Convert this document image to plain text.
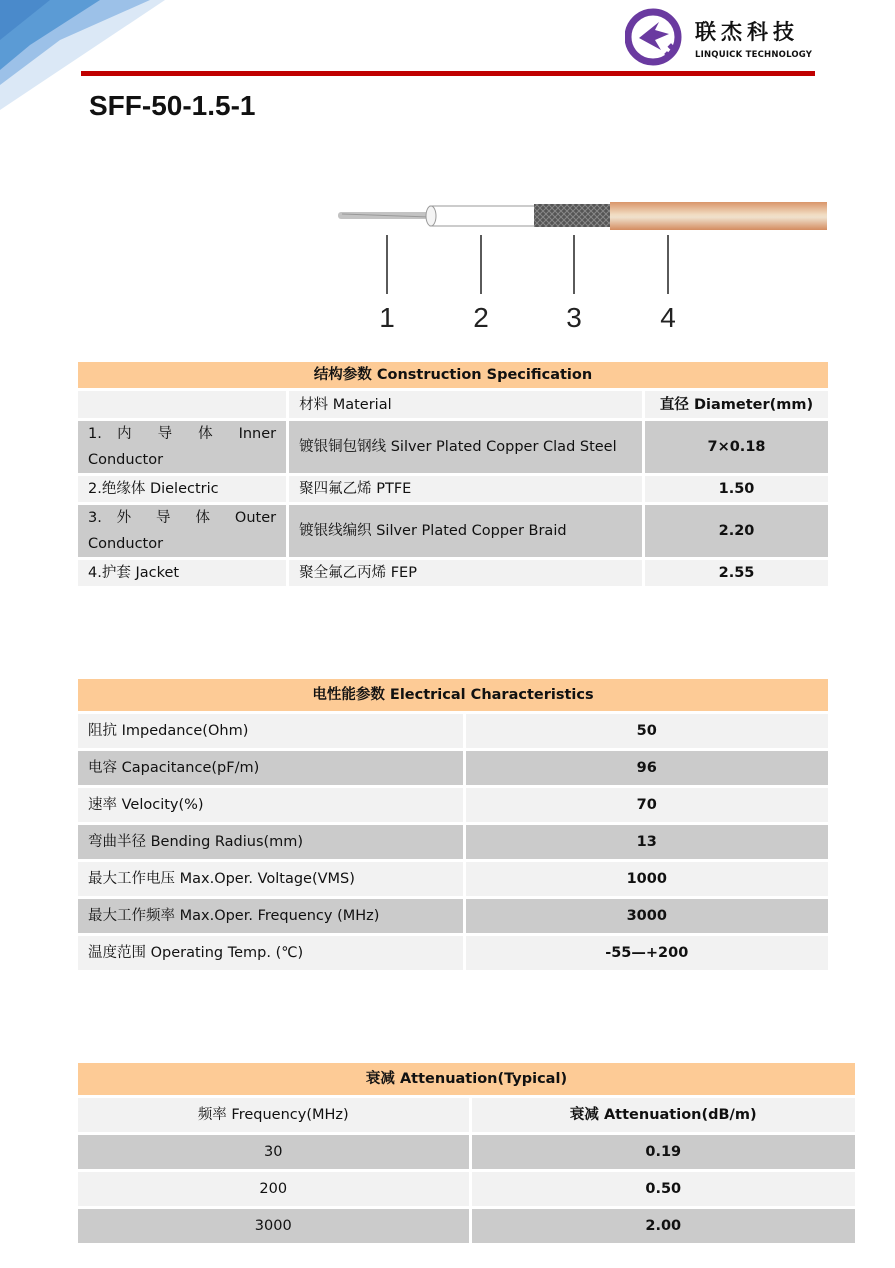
联杰科技
LINQUICK TECHNOLOGY
SFF-50-1.5-1
1	2	3	4
结构参数 Construction Specification		
	材料 Material	直径 Diameter(mm)
1. 内 导 体 Inner Conductor	镀银铜包钢线 Silver Plated Copper Clad Steel	7×0.18
2.绝缘体 Dielectric	聚四氟乙烯 PTFE	1.50
3. 外 导 体 Outer Conductor	镀银线编织 Silver Plated Copper Braid	2.20
4.护套 Jacket	聚全氟乙丙烯 FEP	2.55
电性能参数 Electrical Characteristics	
阻抗 Impedance(Ohm)	50
电容 Capacitance(pF/m)	96
速率 Velocity(%)	70
弯曲半径 Bending Radius(mm)	13
最大工作电压 Max.Oper. Voltage(VMS)	1000
最大工作频率 Max.Oper. Frequency (MHz)	3000
温度范围 Operating Temp. (℃)	-55—+200
衰减 Attenuation(Typical)	
频率 Frequency(MHz)	衰减 Attenuation(dB/m)
30	0.19
200	0.50
3000	2.00
